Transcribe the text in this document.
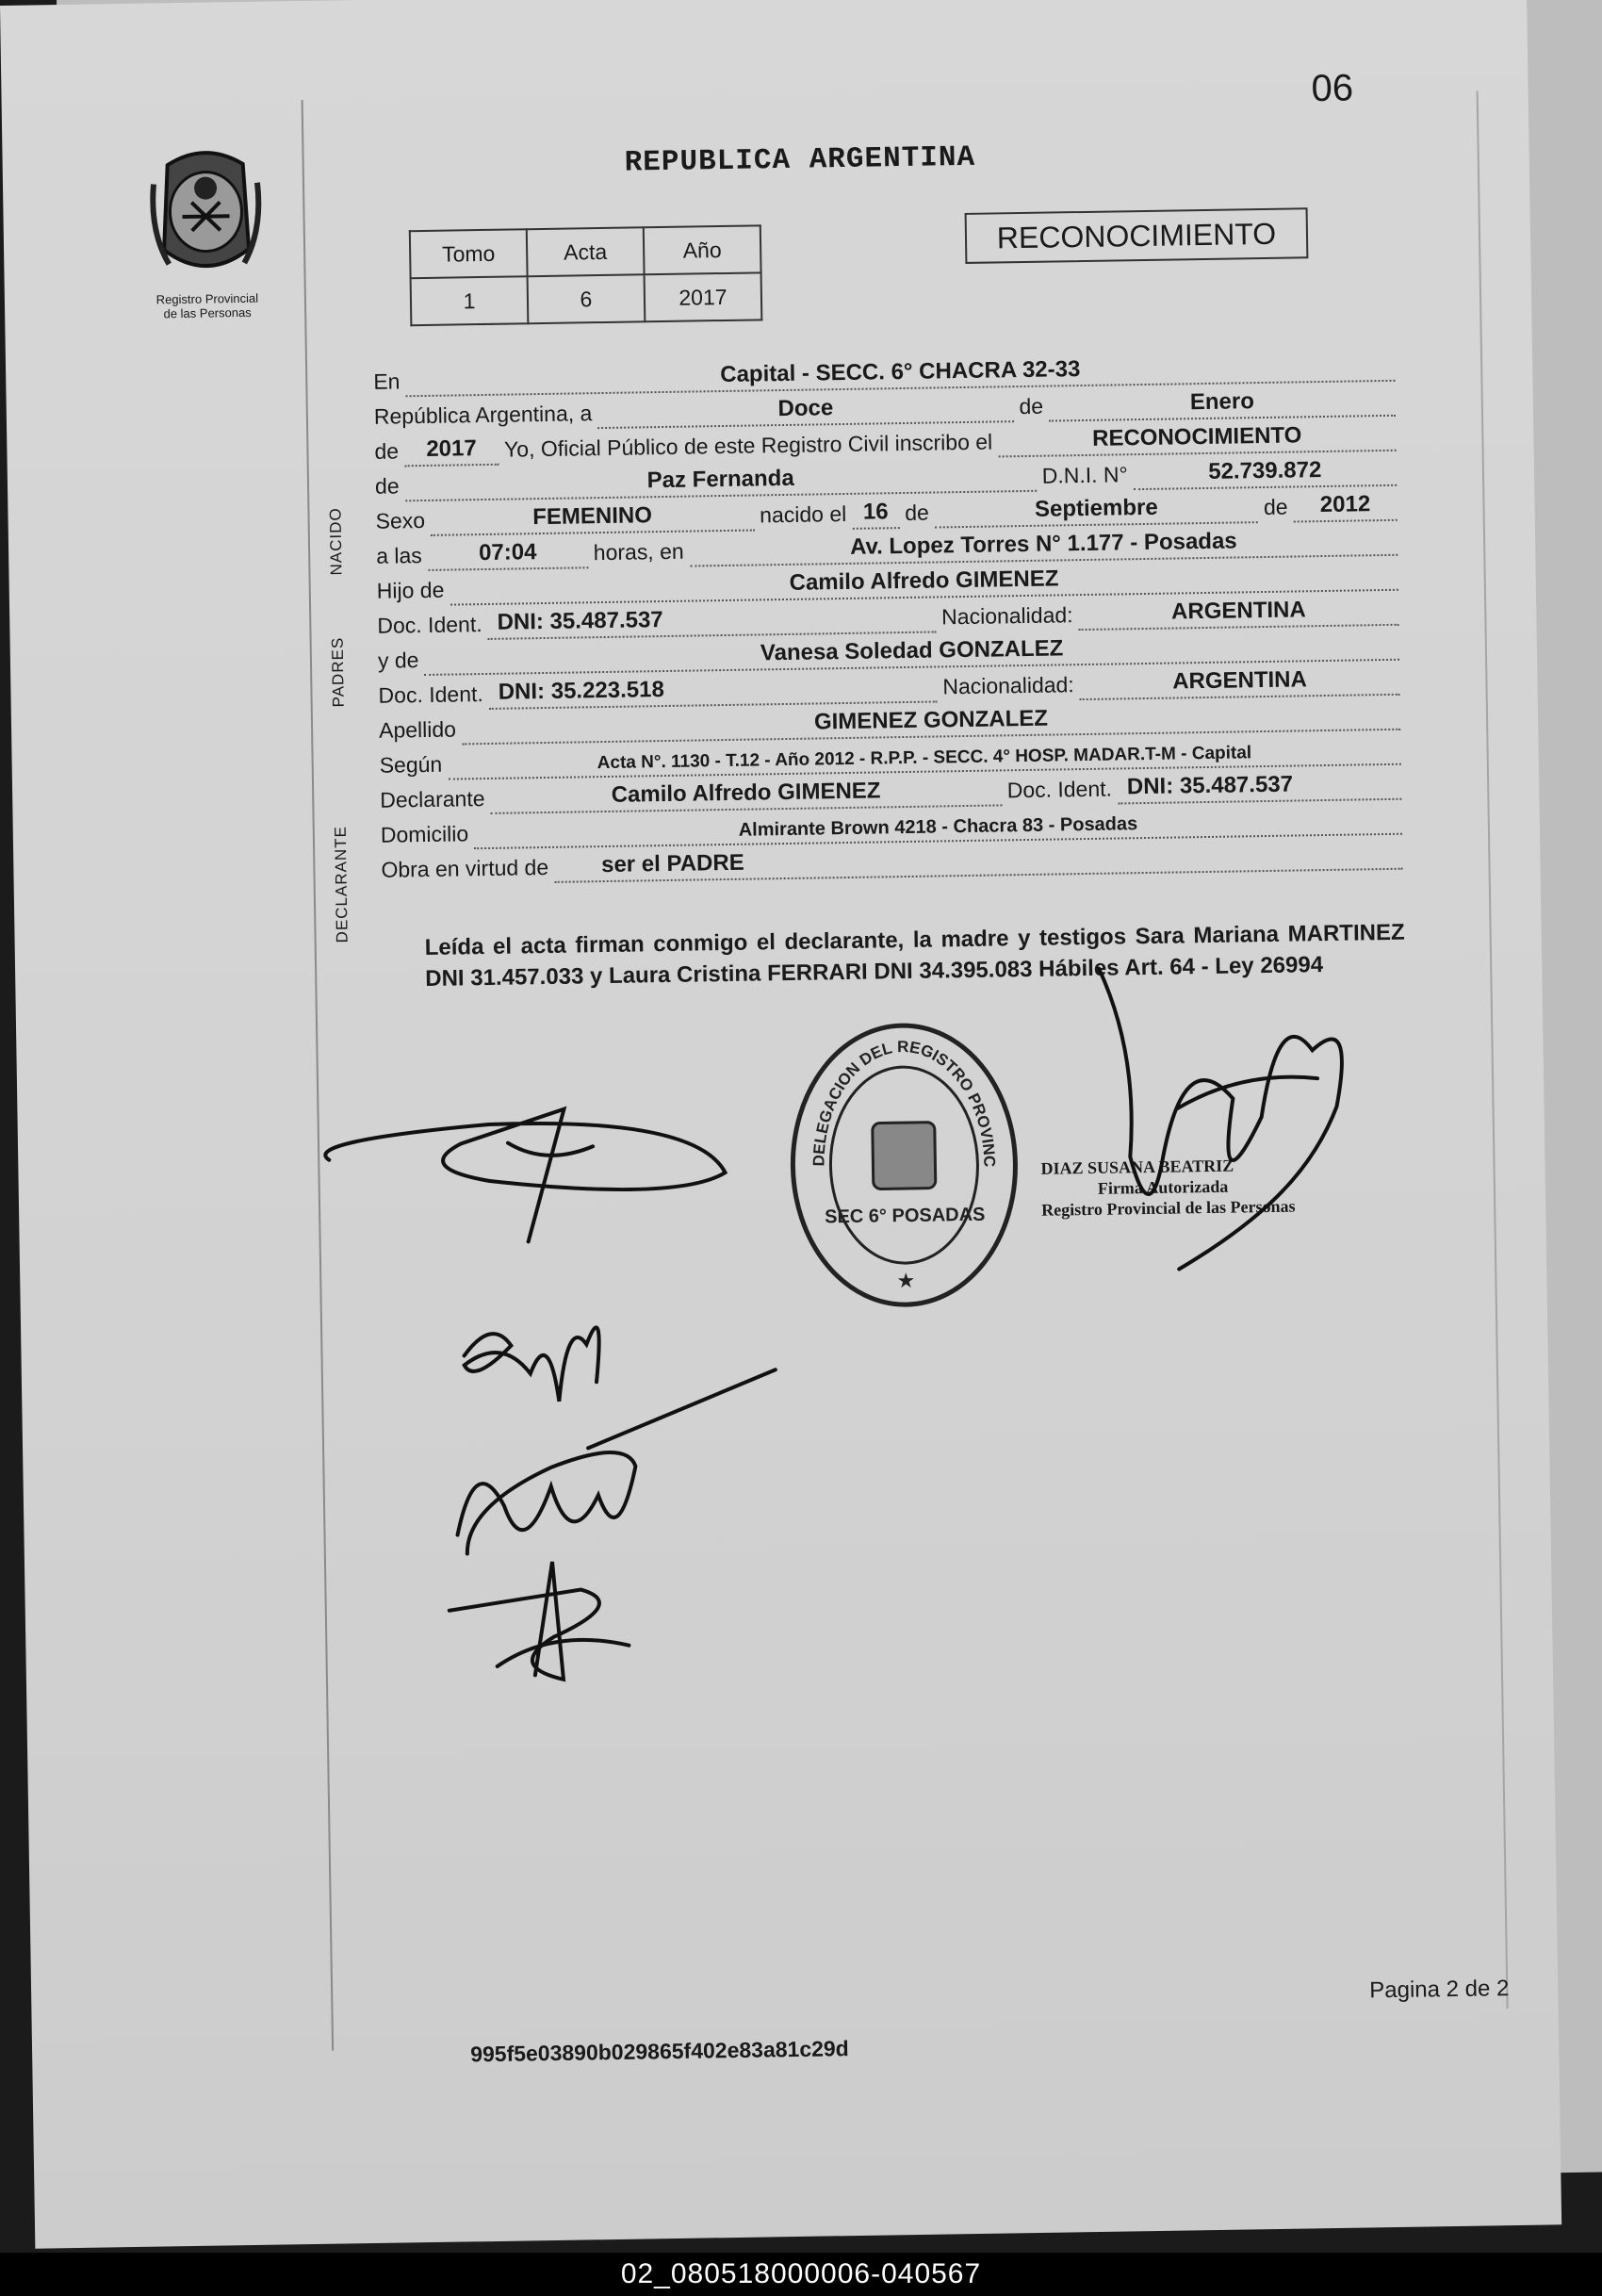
06
Registro Provincial
de las Personas
REPUBLICA ARGENTINA
Tomo	Acta	Año
1	6	2017
RECONOCIMIENTO
NACIDO
PADRES
DECLARANTE
En	Capital - SECC. 6° CHACRA 32-33
República Argentina, a	Doce	de	Enero
de	2017	Yo, Oficial Público de este Registro Civil inscribo el	RECONOCIMIENTO
de	Paz Fernanda	D.N.I. N°	52.739.872
Sexo	FEMENINO	nacido el 16 de	Septiembre	de	2012
a las	07:04	horas, en	Av. Lopez Torres N° 1.177 - Posadas
Hijo de	Camilo Alfredo GIMENEZ
Doc. Ident. DNI: 35.487.537	Nacionalidad:	ARGENTINA
y de	Vanesa Soledad GONZALEZ
Doc. Ident. DNI: 35.223.518	Nacionalidad:	ARGENTINA
Apellido	GIMENEZ GONZALEZ
Según	Acta N°. 1130 - T.12 - Año 2012 - R.P.P. - SECC. 4° HOSP. MADAR.T-M - Capital
Declarante	Camilo Alfredo GIMENEZ	Doc. Ident. DNI: 35.487.537
Domicilio	Almirante Brown 4218 - Chacra 83 - Posadas
Obra en virtud de ser el PADRE
Leída el acta firman conmigo el declarante, la madre y testigos Sara Mariana MARTINEZ DNI 31.457.033 y Laura Cristina FERRARI DNI 34.395.083 Hábiles Art. 64 - Ley 26994
DELEGACION DEL REGISTRO PROVINCIAL
SEC 6° POSADAS
★
DIAZ SUSANA BEATRIZ
Firma Autorizada
Registro Provincial de las Personas
Pagina 2 de 2
995f5e03890b029865f402e83a81c29d
02_080518000006-040567
